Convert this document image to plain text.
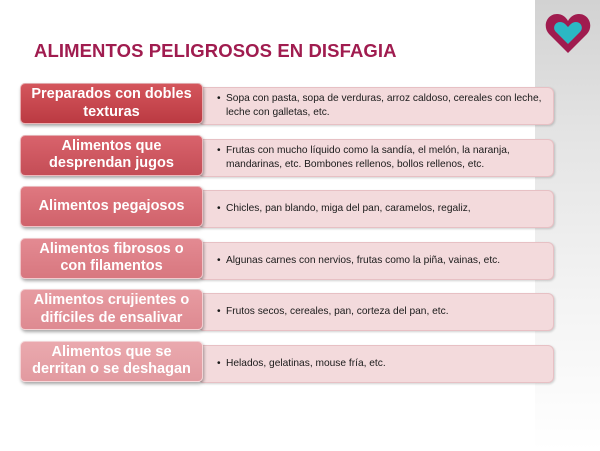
ALIMENTOS PELIGROSOS EN DISFAGIA
• Sopa con pasta, sopa de verduras, arroz caldoso, cereales con leche, leche con galletas, etc.
Preparados con dobles texturas
• Frutas con mucho líquido como la sandía, el melón, la naranja, mandarinas, etc. Bombones rellenos, bollos rellenos, etc.
Alimentos que desprendan jugos
• Chicles, pan blando, miga del pan, caramelos, regaliz,
Alimentos pegajosos
• Algunas carnes con nervios, frutas como la piña, vainas, etc.
Alimentos fibrosos o con filamentos
• Frutos secos, cereales, pan, corteza del pan, etc.
Alimentos crujientes o difíciles de ensalivar
• Helados, gelatinas, mouse fría, etc.
Alimentos que se derritan o se deshagan
